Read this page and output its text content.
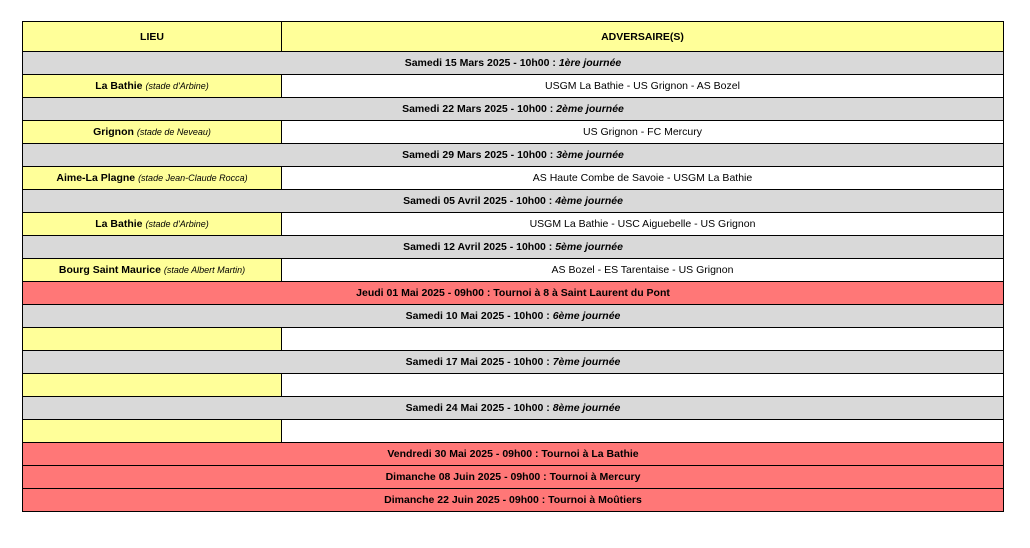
LIEU	ADVERSAIRE(S)
Samedi 15 Mars 2025 - 10h00 : 1ère journée	
La Bathie (stade d'Arbine)	USGM La Bathie - US Grignon - AS Bozel
Samedi 22 Mars 2025 - 10h00 : 2ème journée	
Grignon (stade de Neveau)	US Grignon - FC Mercury
Samedi 29 Mars 2025 - 10h00 : 3ème journée	
Aime-La Plagne (stade Jean-Claude Rocca)	AS Haute Combe de Savoie - USGM La Bathie
Samedi 05 Avril 2025 - 10h00 : 4ème journée	
La Bathie (stade d'Arbine)	USGM La Bathie - USC Aiguebelle - US Grignon
Samedi 12 Avril 2025 - 10h00 : 5ème journée	
Bourg Saint Maurice (stade Albert Martin)	AS Bozel - ES Tarentaise - US Grignon
Jeudi 01 Mai 2025 - 09h00 : Tournoi à 8 à Saint Laurent du Pont	
Samedi 10 Mai 2025 - 10h00 : 6ème journée	

Samedi 17 Mai 2025 - 10h00 : 7ème journée	

Samedi 24 Mai 2025 - 10h00 : 8ème journée	

Vendredi 30 Mai 2025 - 09h00 : Tournoi à La Bathie	
Dimanche 08 Juin 2025 - 09h00 : Tournoi à Mercury	
Dimanche 22 Juin 2025 - 09h00 : Tournoi à Moûtiers	
